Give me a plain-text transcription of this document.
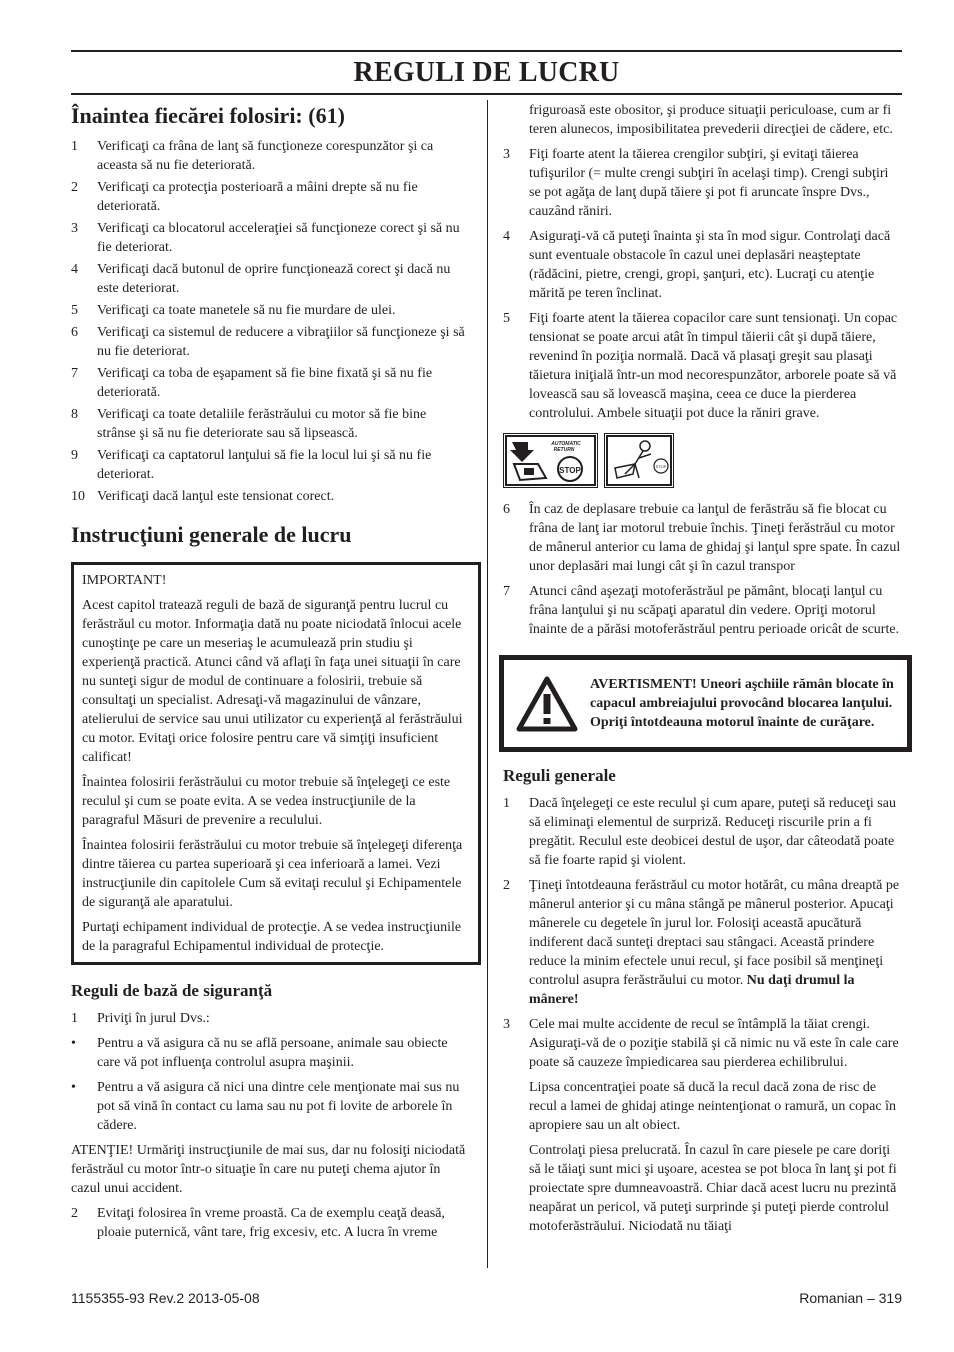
REGULI DE LUCRU
Înaintea fiecărei folosiri: (61)
1	Verificaţi ca frâna de lanţ să funcţioneze corespunzător şi ca aceasta să nu fie deteriorată.
2	Verificaţi ca protecţia posterioară a mâini drepte să nu fie deteriorată.
3	Verificaţi ca blocatorul acceleraţiei să funcţioneze corect şi să nu fie deteriorat.
4	Verificaţi dacă butonul de oprire funcţionează corect şi dacă nu este deteriorat.
5	Verificaţi ca toate manetele să nu fie murdare de ulei.
6	Verificaţi ca sistemul de reducere a vibraţiilor să funcţioneze şi să nu fie deteriorat.
7	Verificaţi ca toba de eşapament să fie bine fixată şi să nu fie deteriorată.
8	Verificaţi ca toate detaliile ferăstrăului cu motor să fie bine strânse şi să nu fie deteriorate sau să lipsească.
9	Verificaţi ca captatorul lanţului să fie la locul lui şi să nu fie deteriorat.
10 Verificaţi dacă lanţul este tensionat corect.
Instrucţiuni generale de lucru

IMPORTANT!

Acest capitol tratează reguli de bază de siguranţă pentru lucrul cu ferăstrăul cu motor. Informaţia dată nu poate niciodată înlocui acele cunoştinţe pe care un meseriaş le acumulează prin studiu şi experienţă practică. Atunci când vă aflaţi în faţa unei situaţii în care nu sunteţi sigur de modul de continuare a folosirii, trebuie să consultaţi un specialist. Adresaţi-vă magazinului de vânzare, atelierului de service sau unui utilizator cu experienţă al ferăstrăului cu motor. Evitaţi orice folosire pentru care vă simţiţi insuficient calificat!

Înaintea folosirii ferăstrăului cu motor trebuie să înţelegeţi ce este reculul şi cum se poate evita. A se vedea instrucţiunile de la paragraful Măsuri de prevenire a reculului.

Înaintea folosirii ferăstrăului cu motor trebuie să înţelegeţi diferenţa dintre tăierea cu partea superioară şi cea inferioară a lamei. Vezi instrucţiunile din capitolele Cum să evitaţi reculul şi Echipamentele de siguranţă ale aparatului.

Purtaţi echipament individual de protecţie. A se vedea instrucţiunile de la paragraful Echipamentul individual de protecţie.

Reguli de bază de siguranţă
1	Priviţi în jurul Dvs.:
•	Pentru a vă asigura că nu se află persoane, animale sau obiecte care vă pot influenţa controlul asupra maşinii.
•	Pentru a vă asigura că nici una dintre cele menţionate mai sus nu pot să vină în contact cu lama sau nu pot fi lovite de arborele în cădere.

ATENŢIE! Urmăriţi instrucţiunile de mai sus, dar nu folosiţi niciodată ferăstrăul cu motor într-o situaţie în care nu puteţi chema ajutor în cazul unui accident.

2	Evitaţi folosirea în vreme proastă. Ca de exemplu ceaţă deasă, ploaie puternică, vânt tare, frig excesiv, etc. A lucra în vreme
friguroasă este obositor, şi produce situaţii periculoase, cum ar fi teren alunecos, imposibilitatea prevederii direcţiei de cădere, etc.
3	Fiţi foarte atent la tăierea crengilor subţiri, şi evitaţi tăierea tufişurilor (= multe crengi subţiri în acelaşi timp). Crengi subţiri se pot agăţa de lanţ după tăiere şi pot fi aruncate înspre Dvs., cauzând răniri.
4	Asiguraţi-vă că puteţi înainta şi sta în mod sigur. Controlaţi dacă sunt eventuale obstacole în cazul unei deplasări neaşteptate (rădăcini, pietre, crengi, gropi, şanţuri, etc). Lucraţi cu atenţie mărită pe teren înclinat.
5	Fiţi foarte atent la tăierea copacilor care sunt tensionaţi. Un copac tensionat se poate arcui atât în timpul tăierii cât şi după tăiere, revenind în poziţia normală. Dacă vă plasaţi greşit sau plasaţi tăietura iniţială într-un mod necorespunzător, arborele poate să vă lovească sau să lovească maşina, ceea ce duce la pierderea controlului. Ambele situaţii pot duce la răniri grave.
STOP
AUTOMATIC
RETURN
STOP
6	În caz de deplasare trebuie ca lanţul de ferăstrău să fie blocat cu frâna de lanţ iar motorul trebuie închis. Ţineţi ferăstrăul cu motor de mânerul anterior cu lama de ghidaj şi lanţul spre spate. În cazul unor deplasări mai lungi cât şi în cazul transpor
7	Atunci când aşezaţi motoferăstrăul pe pământ, blocaţi lanţul cu frâna lanţului şi nu scăpaţi aparatul din vedere. Opriţi motorul înainte de a părăsi motoferăstrăul pentru perioade oricât de scurte.
AVERTISMENT! Uneori aşchiile rămân blocate în capacul ambreiajului provocând blocarea lanţului. Opriţi întotdeauna motorul înainte de curăţare.
Reguli generale
1	Dacă înţelegeţi ce este reculul şi cum apare, puteţi să reduceţi sau să eliminaţi elementul de surpriză. Reduceţi riscurile prin a fi pregătit. Reculul este deobicei destul de uşor, dar câteodată poate să fie foarte rapid şi violent.
2	Ţineţi întotdeauna ferăstrăul cu motor hotărât, cu mâna dreaptă pe mânerul anterior şi cu mâna stângă pe mânerul posterior. Apucaţi mânerele cu degetele în jurul lor. Folosiţi această apucătură indiferent dacă sunteţi dreptaci sau stângaci. Această prindere reduce la minim efectele unui recul, şi face posibil să menţineţi controlul asupra ferăstrăului cu motor. Nu daţi drumul la mânere!
3	Cele mai multe accidente de recul se întâmplă la tăiat crengi. Asiguraţi-vă de o poziţie stabilă şi că nimic nu vă este în cale care poate să cauzeze împiedicarea sau pierderea echilibrului.
Lipsa concentraţiei poate să ducă la recul dacă zona de risc de recul a lamei de ghidaj atinge neintenţionat o ramură, un copac în apropiere sau un alt obiect.
Controlaţi piesa prelucrată. În cazul în care piesele pe care doriţi să le tăiaţi sunt mici şi uşoare, acestea se pot bloca în lanţ şi pot fi proiectate spre dumneavoastră. Chiar dacă acest lucru nu prezintă neapărat un pericol, vă puteţi surprinde şi puteţi pierde controlul motoferăstrăului. Niciodată nu tăiaţi
1155355-93 Rev.2 2013-05-08	Romanian – 319
